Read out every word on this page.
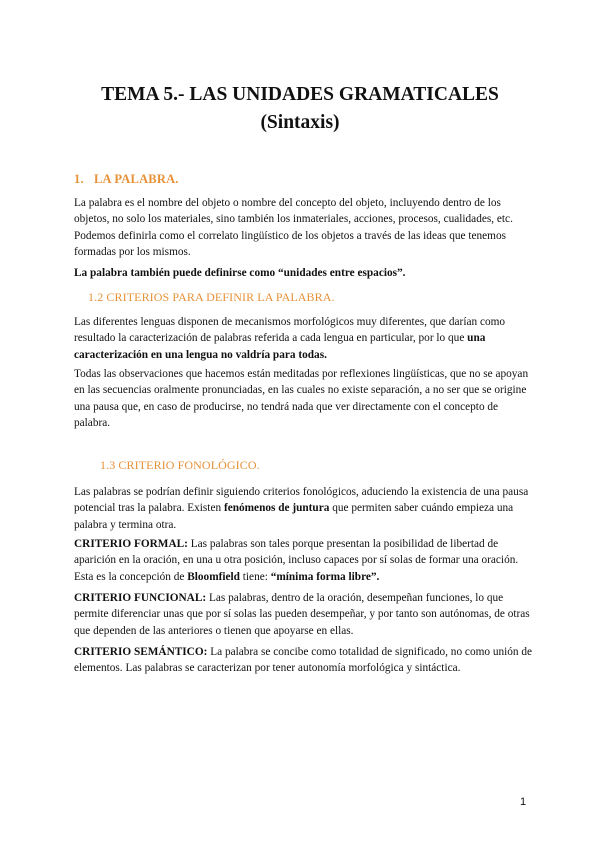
TEMA 5.- LAS UNIDADES GRAMATICALES
(Sintaxis)
1. LA PALABRA.
La palabra es el nombre del objeto o nombre del concepto del objeto, incluyendo dentro de los objetos, no solo los materiales, sino también los inmateriales, acciones, procesos, cualidades, etc. Podemos definirla como el correlato lingüístico de los objetos a través de las ideas que tenemos formadas por los mismos.
La palabra también puede definirse como “unidades entre espacios”.
1.2 CRITERIOS PARA DEFINIR LA PALABRA.
Las diferentes lenguas disponen de mecanismos morfológicos muy diferentes, que darían como resultado la caracterización de palabras referida a cada lengua en particular, por lo que una caracterización en una lengua no valdría para todas.
Todas las observaciones que hacemos están meditadas por reflexiones lingüísticas, que no se apoyan en las secuencias oralmente pronunciadas, en las cuales no existe separación, a no ser que se origine una pausa que, en caso de producirse, no tendrá nada que ver directamente con el concepto de palabra.
1.3 CRITERIO FONOLÓGICO.
Las palabras se podrían definir siguiendo criterios fonológicos, aduciendo la existencia de una pausa potencial tras la palabra. Existen fenómenos de juntura que permiten saber cuándo empieza una palabra y termina otra.
CRITERIO FORMAL: Las palabras son tales porque presentan la posibilidad de libertad de aparición en la oración, en una u otra posición, incluso capaces por sí solas de formar una oración. Esta es la concepción de Bloomfield tiene: “mínima forma libre”.
CRITERIO FUNCIONAL: Las palabras, dentro de la oración, desempeñan funciones, lo que permite diferenciar unas que por sí solas las pueden desempeñar, y por tanto son autónomas, de otras que dependen de las anteriores o tienen que apoyarse en ellas.
CRITERIO SEMÁNTICO: La palabra se concibe como totalidad de significado, no como unión de elementos. Las palabras se caracterizan por tener autonomía morfológica y sintáctica.
1
